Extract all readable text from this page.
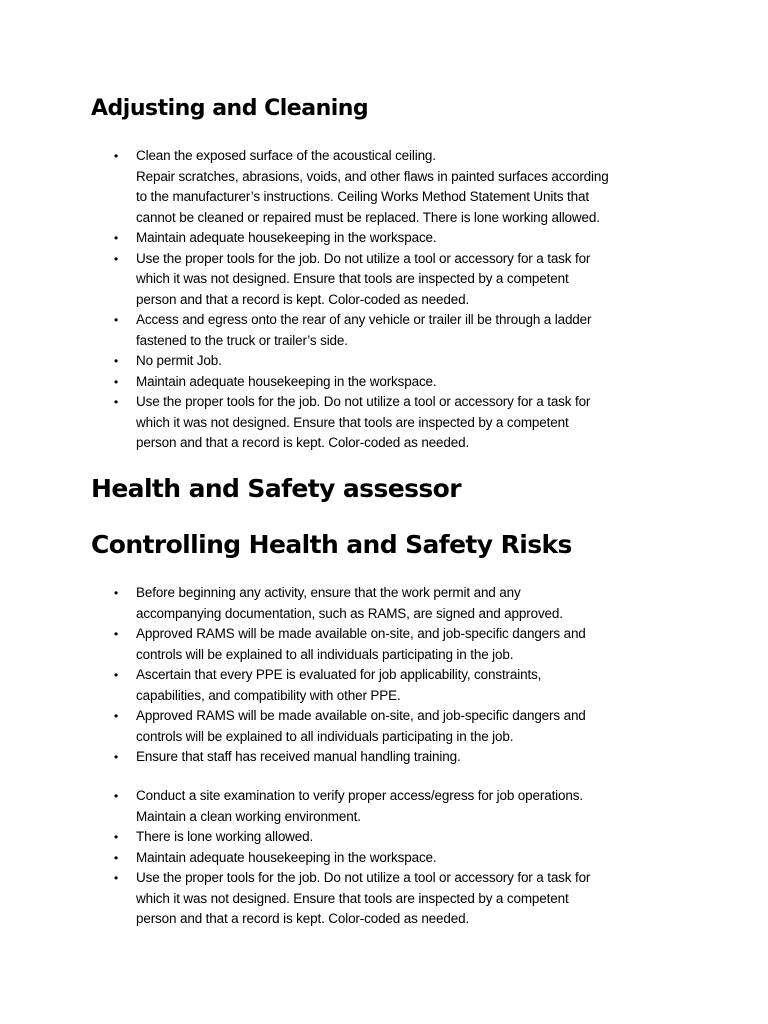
Adjusting and Cleaning
• Clean the exposed surface of the acoustical ceiling.
Repair scratches, abrasions, voids, and other flaws in painted surfaces according
to the manufacturer’s instructions. Ceiling Works Method Statement Units that
cannot be cleaned or repaired must be replaced. There is lone working allowed.
• Maintain adequate housekeeping in the workspace.
• Use the proper tools for the job. Do not utilize a tool or accessory for a task for
which it was not designed. Ensure that tools are inspected by a competent
person and that a record is kept. Color-coded as needed.
• Access and egress onto the rear of any vehicle or trailer ill be through a ladder
fastened to the truck or trailer’s side.
• No permit Job.
• Maintain adequate housekeeping in the workspace.
• Use the proper tools for the job. Do not utilize a tool or accessory for a task for
which it was not designed. Ensure that tools are inspected by a competent
person and that a record is kept. Color-coded as needed.
Health and Safety assessor
Controlling Health and Safety Risks
• Before beginning any activity, ensure that the work permit and any
accompanying documentation, such as RAMS, are signed and approved.
• Approved RAMS will be made available on-site, and job-specific dangers and
controls will be explained to all individuals participating in the job.
• Ascertain that every PPE is evaluated for job applicability, constraints,
capabilities, and compatibility with other PPE.
• Approved RAMS will be made available on-site, and job-specific dangers and
controls will be explained to all individuals participating in the job.
• Ensure that staff has received manual handling training.
• Conduct a site examination to verify proper access/egress for job operations.
Maintain a clean working environment.
• There is lone working allowed.
• Maintain adequate housekeeping in the workspace.
• Use the proper tools for the job. Do not utilize a tool or accessory for a task for
which it was not designed. Ensure that tools are inspected by a competent
person and that a record is kept. Color-coded as needed.
